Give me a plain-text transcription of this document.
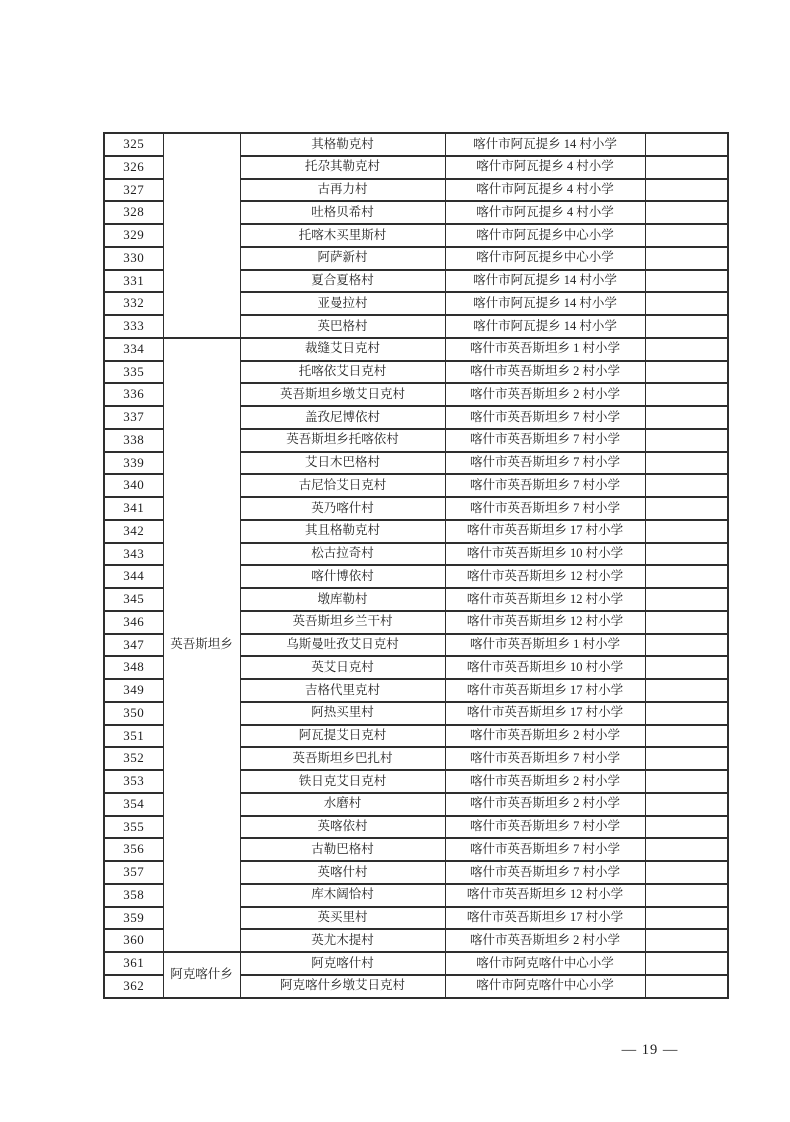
325		其格勒克村	喀什市阿瓦提乡 14 村小学	
326		托尕其勒克村	喀什市阿瓦提乡 4 村小学	
327		古再力村	喀什市阿瓦提乡 4 村小学	
328		吐格贝希村	喀什市阿瓦提乡 4 村小学	
329		托喀木买里斯村	喀什市阿瓦提乡中心小学	
330		阿萨新村	喀什市阿瓦提乡中心小学	
331		夏合夏格村	喀什市阿瓦提乡 14 村小学	
332		亚曼拉村	喀什市阿瓦提乡 14 村小学	
333		英巴格村	喀什市阿瓦提乡 14 村小学	
334	英吾斯坦乡	裁缝艾日克村	喀什市英吾斯坦乡 1 村小学	
335		托喀依艾日克村	喀什市英吾斯坦乡 2 村小学	
336		英吾斯坦乡墩艾日克村	喀什市英吾斯坦乡 2 村小学	
337		盖孜尼博依村	喀什市英吾斯坦乡 7 村小学	
338		英吾斯坦乡托喀依村	喀什市英吾斯坦乡 7 村小学	
339		艾日木巴格村	喀什市英吾斯坦乡 7 村小学	
340		古尼恰艾日克村	喀什市英吾斯坦乡 7 村小学	
341		英乃喀什村	喀什市英吾斯坦乡 7 村小学	
342		其且格勒克村	喀什市英吾斯坦乡 17 村小学	
343		松古拉奇村	喀什市英吾斯坦乡 10 村小学	
344		喀什博依村	喀什市英吾斯坦乡 12 村小学	
345		墩库勒村	喀什市英吾斯坦乡 12 村小学	
346		英吾斯坦乡兰干村	喀什市英吾斯坦乡 12 村小学	
347		乌斯曼吐孜艾日克村	喀什市英吾斯坦乡 1 村小学	
348		英艾日克村	喀什市英吾斯坦乡 10 村小学	
349		吉格代里克村	喀什市英吾斯坦乡 17 村小学	
350		阿热买里村	喀什市英吾斯坦乡 17 村小学	
351		阿瓦提艾日克村	喀什市英吾斯坦乡 2 村小学	
352		英吾斯坦乡巴扎村	喀什市英吾斯坦乡 7 村小学	
353		铁日克艾日克村	喀什市英吾斯坦乡 2 村小学	
354		水磨村	喀什市英吾斯坦乡 2 村小学	
355		英喀依村	喀什市英吾斯坦乡 7 村小学	
356		古勒巴格村	喀什市英吾斯坦乡 7 村小学	
357		英喀什村	喀什市英吾斯坦乡 7 村小学	
358		库木阔恰村	喀什市英吾斯坦乡 12 村小学	
359		英买里村	喀什市英吾斯坦乡 17 村小学	
360		英尤木提村	喀什市英吾斯坦乡 2 村小学	
361	阿克喀什乡	阿克喀什村	喀什市阿克喀什中心小学	
362		阿克喀什乡墩艾日克村	喀什市阿克喀什中心小学	
— 19 —
